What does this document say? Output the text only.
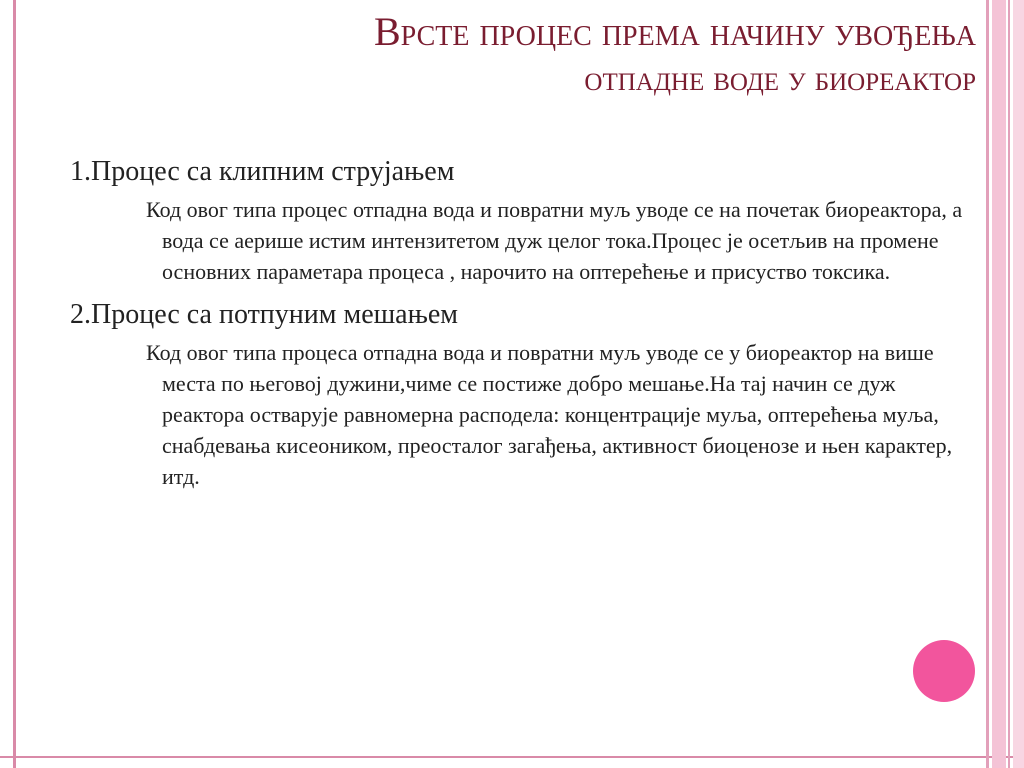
Врсте процес према начину увођења
отпадне воде у биореактор

1.Процес са клипним струјањем

Код овог типа процес отпадна вода и повратни муљ уводе се на почетак биореактора, а вода се аерише истим интензитетом дуж целог тока.Процес је осетљив на промене основних параметара процеса , нарочито на оптерећење и присуство токсика.

2.Процес са потпуним мешањем

Код овог типа процеса отпадна вода и повратни муљ уводе се у биореактор на више места по његовој дужини,чиме се постиже добро мешање.На тај начин се дуж реактора остварује равномерна расподела: концентрације муља, оптерећења муља, снабдевања кисеоником, преосталог загађења, активност биоценозе и њен карактер, итд.
